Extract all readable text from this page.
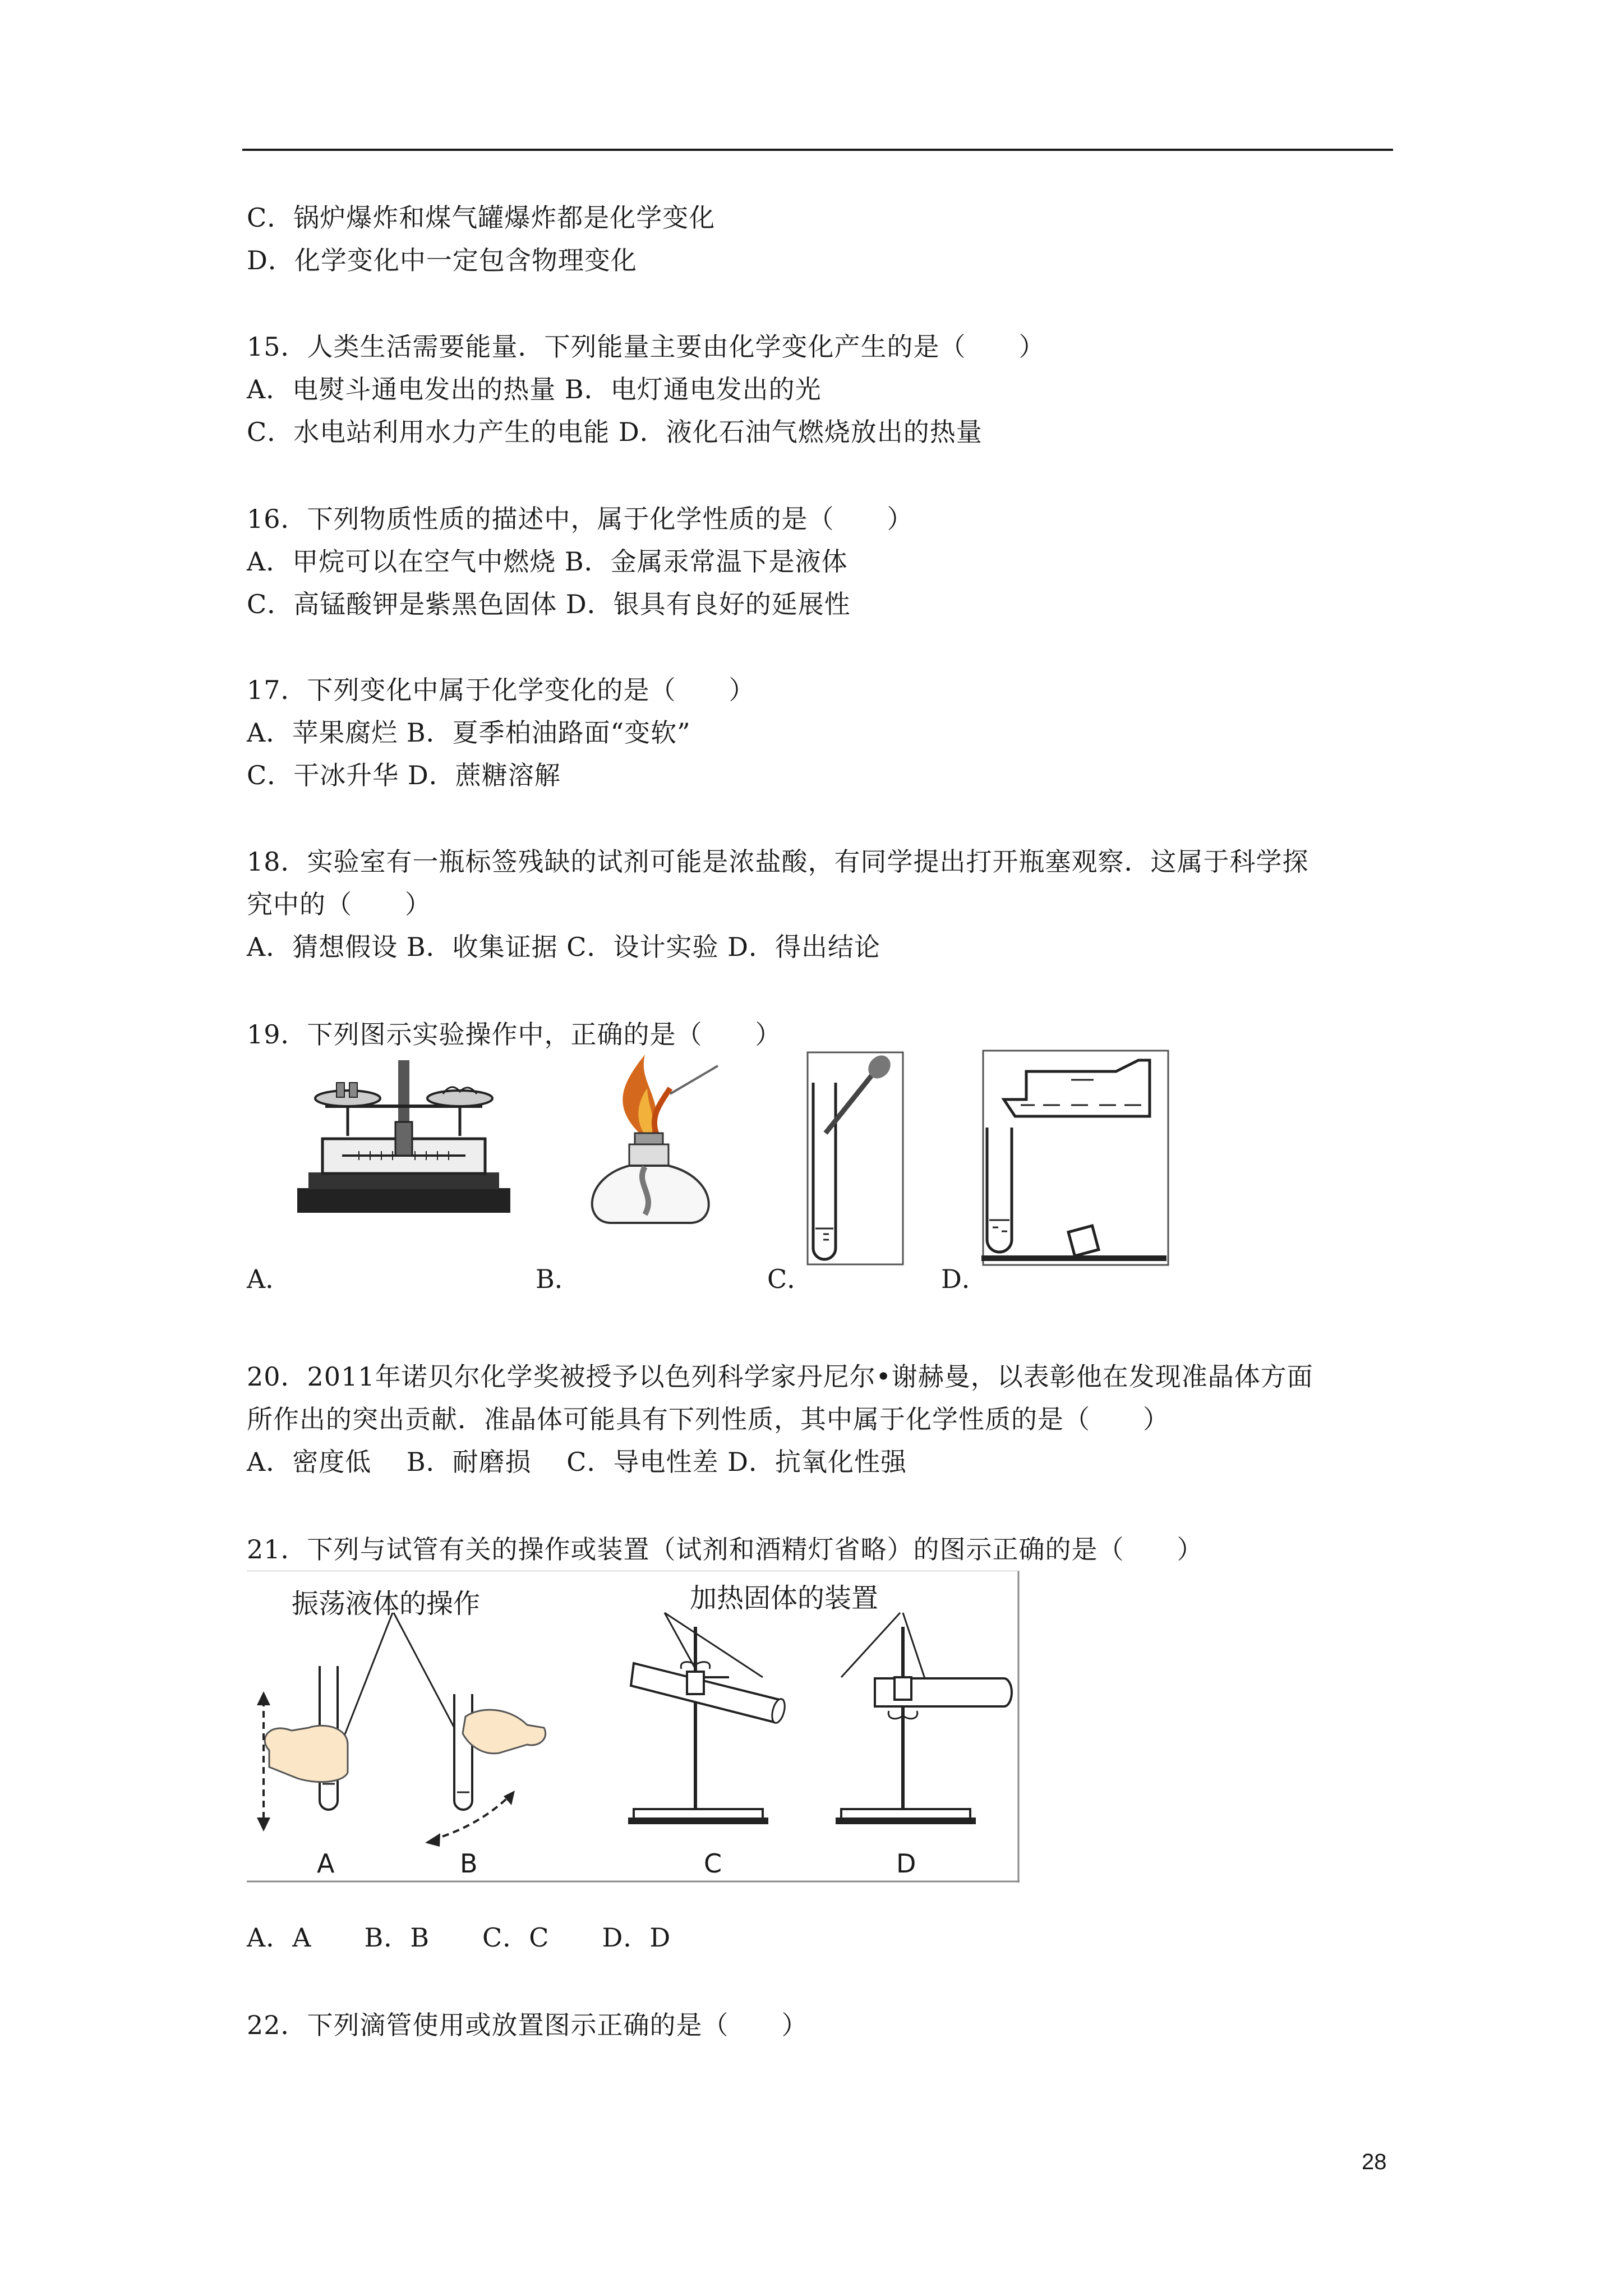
C．锅炉爆炸和煤气罐爆炸都是化学变化
D．化学变化中一定包含物理变化
15．人类生活需要能量．下列能量主要由化学变化产生的是（　　）
A．电熨斗通电发出的热量 B．电灯通电发出的光
C．水电站利用水力产生的电能 D．液化石油气燃烧放出的热量
16．下列物质性质的描述中，属于化学性质的是（　　）
A．甲烷可以在空气中燃烧 B．金属汞常温下是液体
C．高锰酸钾是紫黑色固体 D．银具有良好的延展性
17．下列变化中属于化学变化的是（　　）
A．苹果腐烂 B．夏季柏油路面“变软”
C．干冰升华 D．蔗糖溶解
18．实验室有一瓶标签残缺的试剂可能是浓盐酸，有同学提出打开瓶塞观察．这属于科学探
究中的（　　）
A．猜想假设 B．收集证据 C．设计实验 D．得出结论
19．下列图示实验操作中，正确的是（　　）
A．	B．	C．	D．
20．2011年诺贝尔化学奖被授予以色列科学家丹尼尔•谢赫曼，以表彰他在发现准晶体方面
所作出的突出贡献．准晶体可能具有下列性质，其中属于化学性质的是（　　）
A．密度低　 B．耐磨损　 C．导电性差 D．抗氧化性强
21．下列与试管有关的操作或装置（试剂和酒精灯省略）的图示正确的是（　　）
振荡液体的操作	加热固体的装置
A	B	C	D
A．A　　B．B　　C．C　　D．D
22．下列滴管使用或放置图示正确的是（　　）
28
